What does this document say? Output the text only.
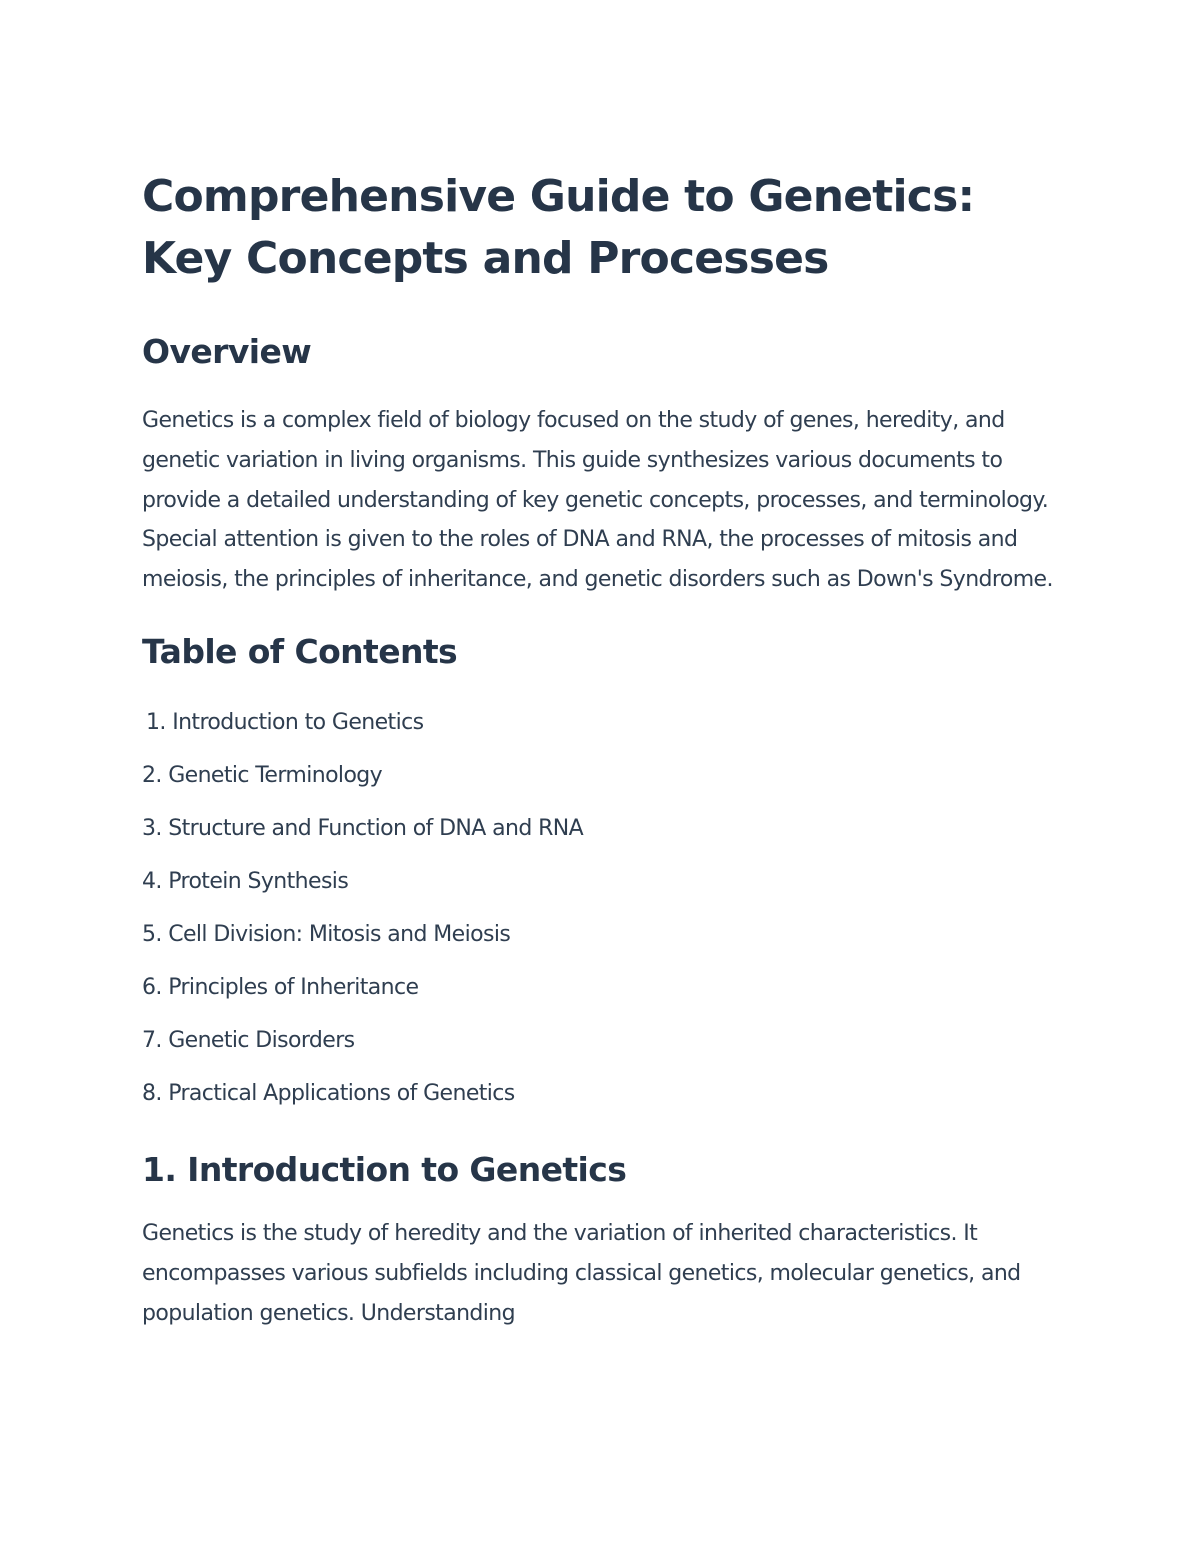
Comprehensive Guide to Genetics: Key Concepts and Processes
Overview

Genetics is a complex field of biology focused on the study of genes, heredity, and genetic variation in living organisms. This guide synthesizes various documents to provide a detailed understanding of key genetic concepts, processes, and terminology. Special attention is given to the roles of DNA and RNA, the processes of mitosis and meiosis, the principles of inheritance, and genetic disorders such as Down's Syndrome.

Table of Contents
1. Introduction to Genetics
2. Genetic Terminology
3. Structure and Function of DNA and RNA
4. Protein Synthesis
5. Cell Division: Mitosis and Meiosis
6. Principles of Inheritance
7. Genetic Disorders
8. Practical Applications of Genetics
1. Introduction to Genetics

Genetics is the study of heredity and the variation of inherited characteristics. It encompasses various subfields including classical genetics, molecular genetics, and population genetics. Understanding
